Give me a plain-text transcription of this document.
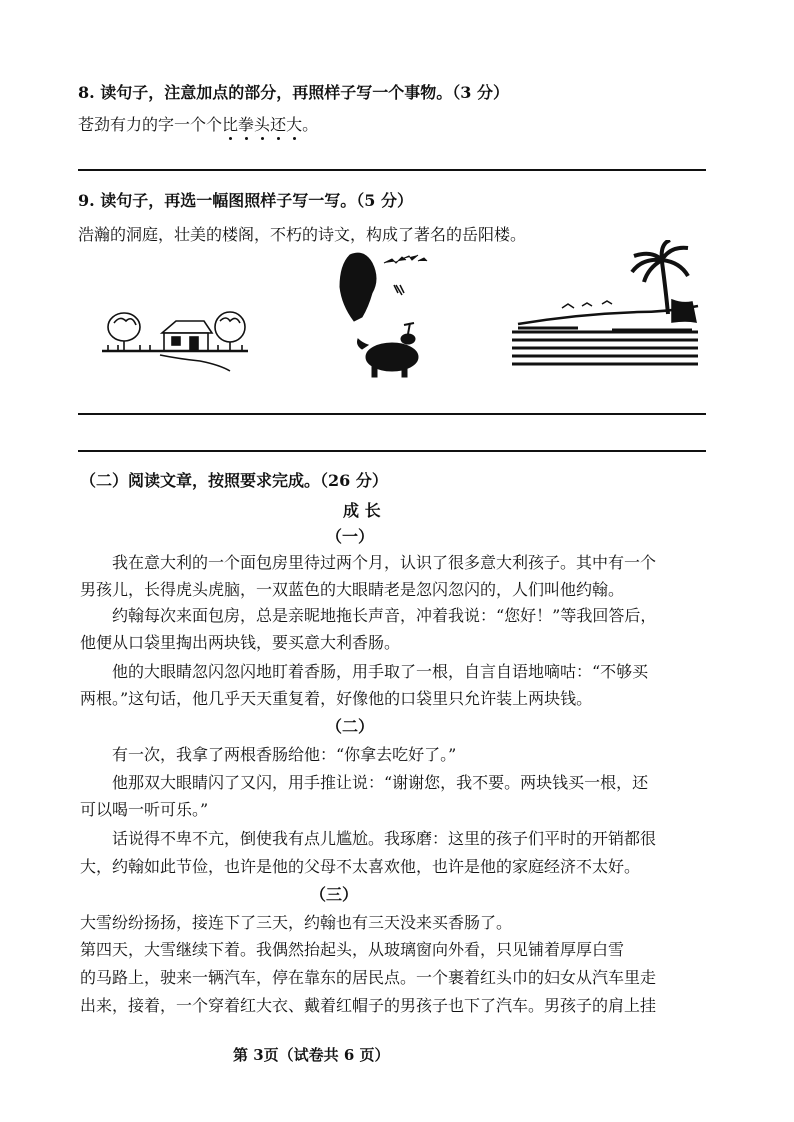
8. 读句子，注意加点的部分，再照样子写一个事物。（3 分）
苍劲有力的字一个个比拳头还大。
9. 读句子，再选一幅图照样子写一写。（5 分）
浩瀚的洞庭，壮美的楼阁，不朽的诗文，构成了著名的岳阳楼。
（二）阅读文章，按照要求完成。（26 分）
成 长
（一）
我在意大利的一个面包房里待过两个月，认识了很多意大利孩子。其中有一个
男孩儿，长得虎头虎脑，一双蓝色的大眼睛老是忽闪忽闪的，人们叫他约翰。
约翰每次来面包房，总是亲昵地拖长声音，冲着我说：“您好！”等我回答后，
他便从口袋里掏出两块钱，要买意大利香肠。
他的大眼睛忽闪忽闪地盯着香肠，用手取了一根，自言自语地嘀咕：“不够买
两根。”这句话，他几乎天天重复着，好像他的口袋里只允许装上两块钱。
（二）
有一次，我拿了两根香肠给他：“你拿去吃好了。”
他那双大眼睛闪了又闪，用手推让说：“谢谢您，我不要。两块钱买一根，还
可以喝一听可乐。”
话说得不卑不亢，倒使我有点儿尴尬。我琢磨：这里的孩子们平时的开销都很
大，约翰如此节俭，也许是他的父母不太喜欢他，也许是他的家庭经济不太好。
（三）
大雪纷纷扬扬，接连下了三天，约翰也有三天没来买香肠了。
第四天，大雪继续下着。我偶然抬起头，从玻璃窗向外看，只见铺着厚厚白雪
的马路上，驶来一辆汽车，停在靠东的居民点。一个裹着红头巾的妇女从汽车里走
出来，接着，一个穿着红大衣、戴着红帽子的男孩子也下了汽车。男孩子的肩上挂
第 3页（试卷共 6 页）
